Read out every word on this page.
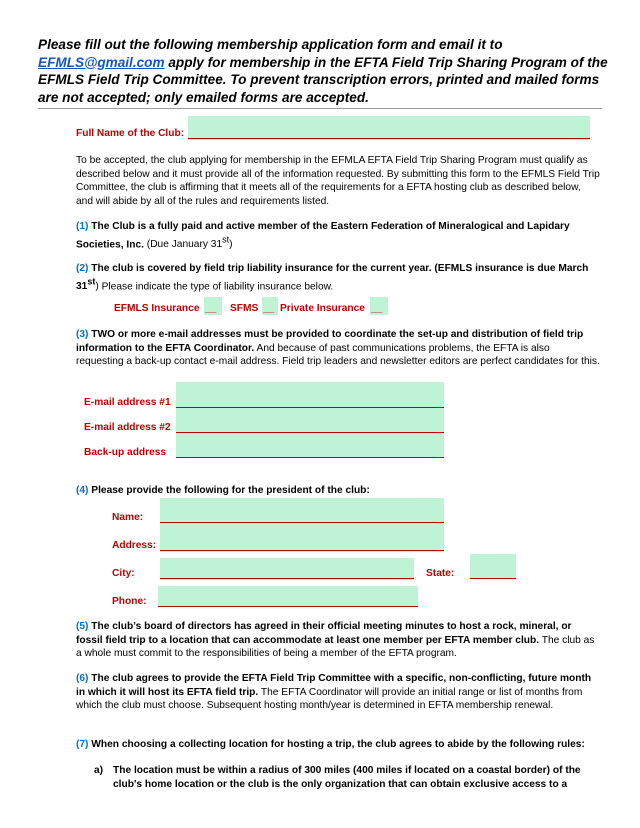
Please fill out the following membership application form and email it to EFMLS@gmail.com apply for membership in the EFTA Field Trip Sharing Program of the EFMLS Field Trip Committee. To prevent transcription errors, printed and mailed forms are not accepted; only emailed forms are accepted.
Full Name of the Club:
To be accepted, the club applying for membership in the EFMLA EFTA Field Trip Sharing Program must qualify as described below and it must provide all of the information requested. By submitting this form to the EFMLS Field Trip Committee, the club is affirming that it meets all of the requirements for a EFTA hosting club as described below, and will abide by all of the rules and requirements listed.
(1) The Club is a fully paid and active member of the Eastern Federation of Mineralogical and Lapidary Societies, Inc. (Due January 31st)
(2) The club is covered by field trip liability insurance for the current year. (EFMLS insurance is due March 31st) Please indicate the type of liability insurance below.
EFMLS Insurance __ SFMS __ Private Insurance __
(3) TWO or more e-mail addresses must be provided to coordinate the set-up and distribution of field trip information to the EFTA Coordinator. And because of past communications problems, the EFTA is also requesting a back-up contact e-mail address. Field trip leaders and newsletter editors are perfect candidates for this.
E-mail address #1
E-mail address #2
Back-up address
(4) Please provide the following for the president of the club:
Name:
Address:
City:	State:
Phone:
(5) The club’s board of directors has agreed in their official meeting minutes to host a rock, mineral, or fossil field trip to a location that can accommodate at least one member per EFTA member club. The club as a whole must commit to the responsibilities of being a member of the EFTA program.
(6) The club agrees to provide the EFTA Field Trip Committee with a specific, non-conflicting, future month in which it will host its EFTA field trip. The EFTA Coordinator will provide an initial range or list of months from which the club must choose. Subsequent hosting month/year is determined in EFTA membership renewal.
(7) When choosing a collecting location for hosting a trip, the club agrees to abide by the following rules:
a) The location must be within a radius of 300 miles (400 miles if located on a coastal border) of the club's home location or the club is the only organization that can obtain exclusive access to a
